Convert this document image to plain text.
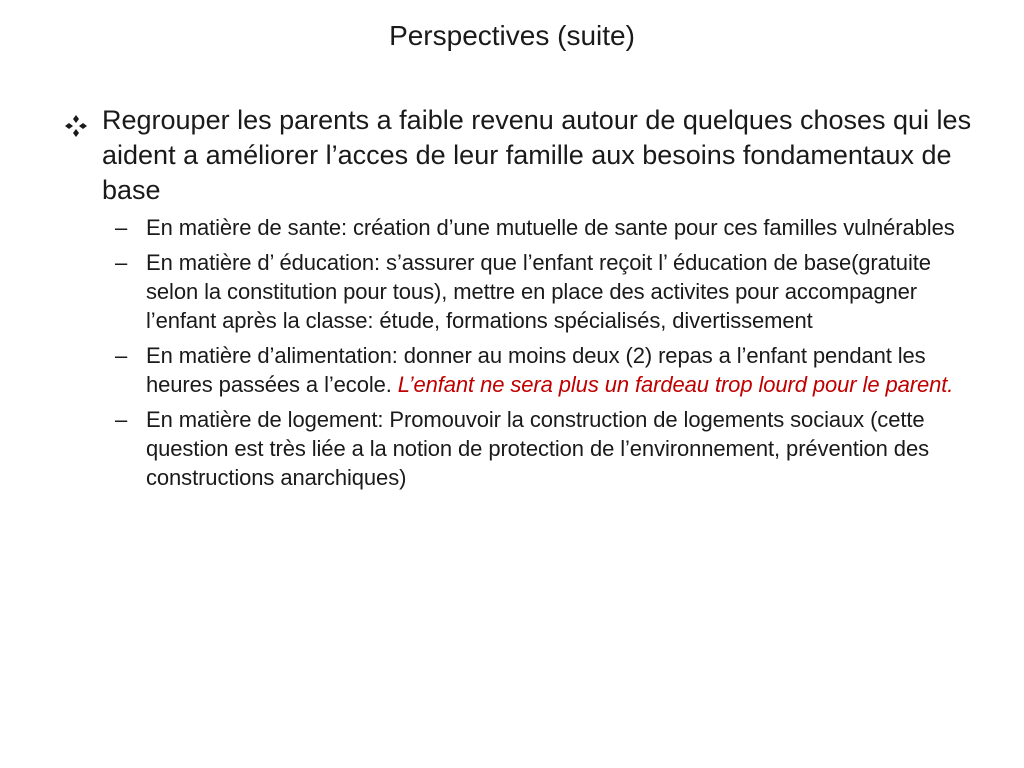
Perspectives (suite)
Regrouper les parents a faible revenu autour de quelques choses qui les aident a améliorer l’acces de leur famille aux besoins fondamentaux de base
– En matière de sante: création d’une mutuelle de sante pour ces familles vulnérables
– En matière d’ éducation: s’assurer que l’enfant reçoit l’ éducation de base(gratuite selon la constitution pour tous), mettre en place des activites pour accompagner l’enfant après la classe: étude, formations spécialisés, divertissement
– En matière d’alimentation: donner au moins deux (2) repas a l’enfant pendant les heures passées a l’ecole. L’enfant ne sera plus un fardeau trop lourd pour le parent.
– En matière de logement: Promouvoir la construction de logements sociaux (cette question est très liée a la notion de protection de l’environnement, prévention des constructions anarchiques)
